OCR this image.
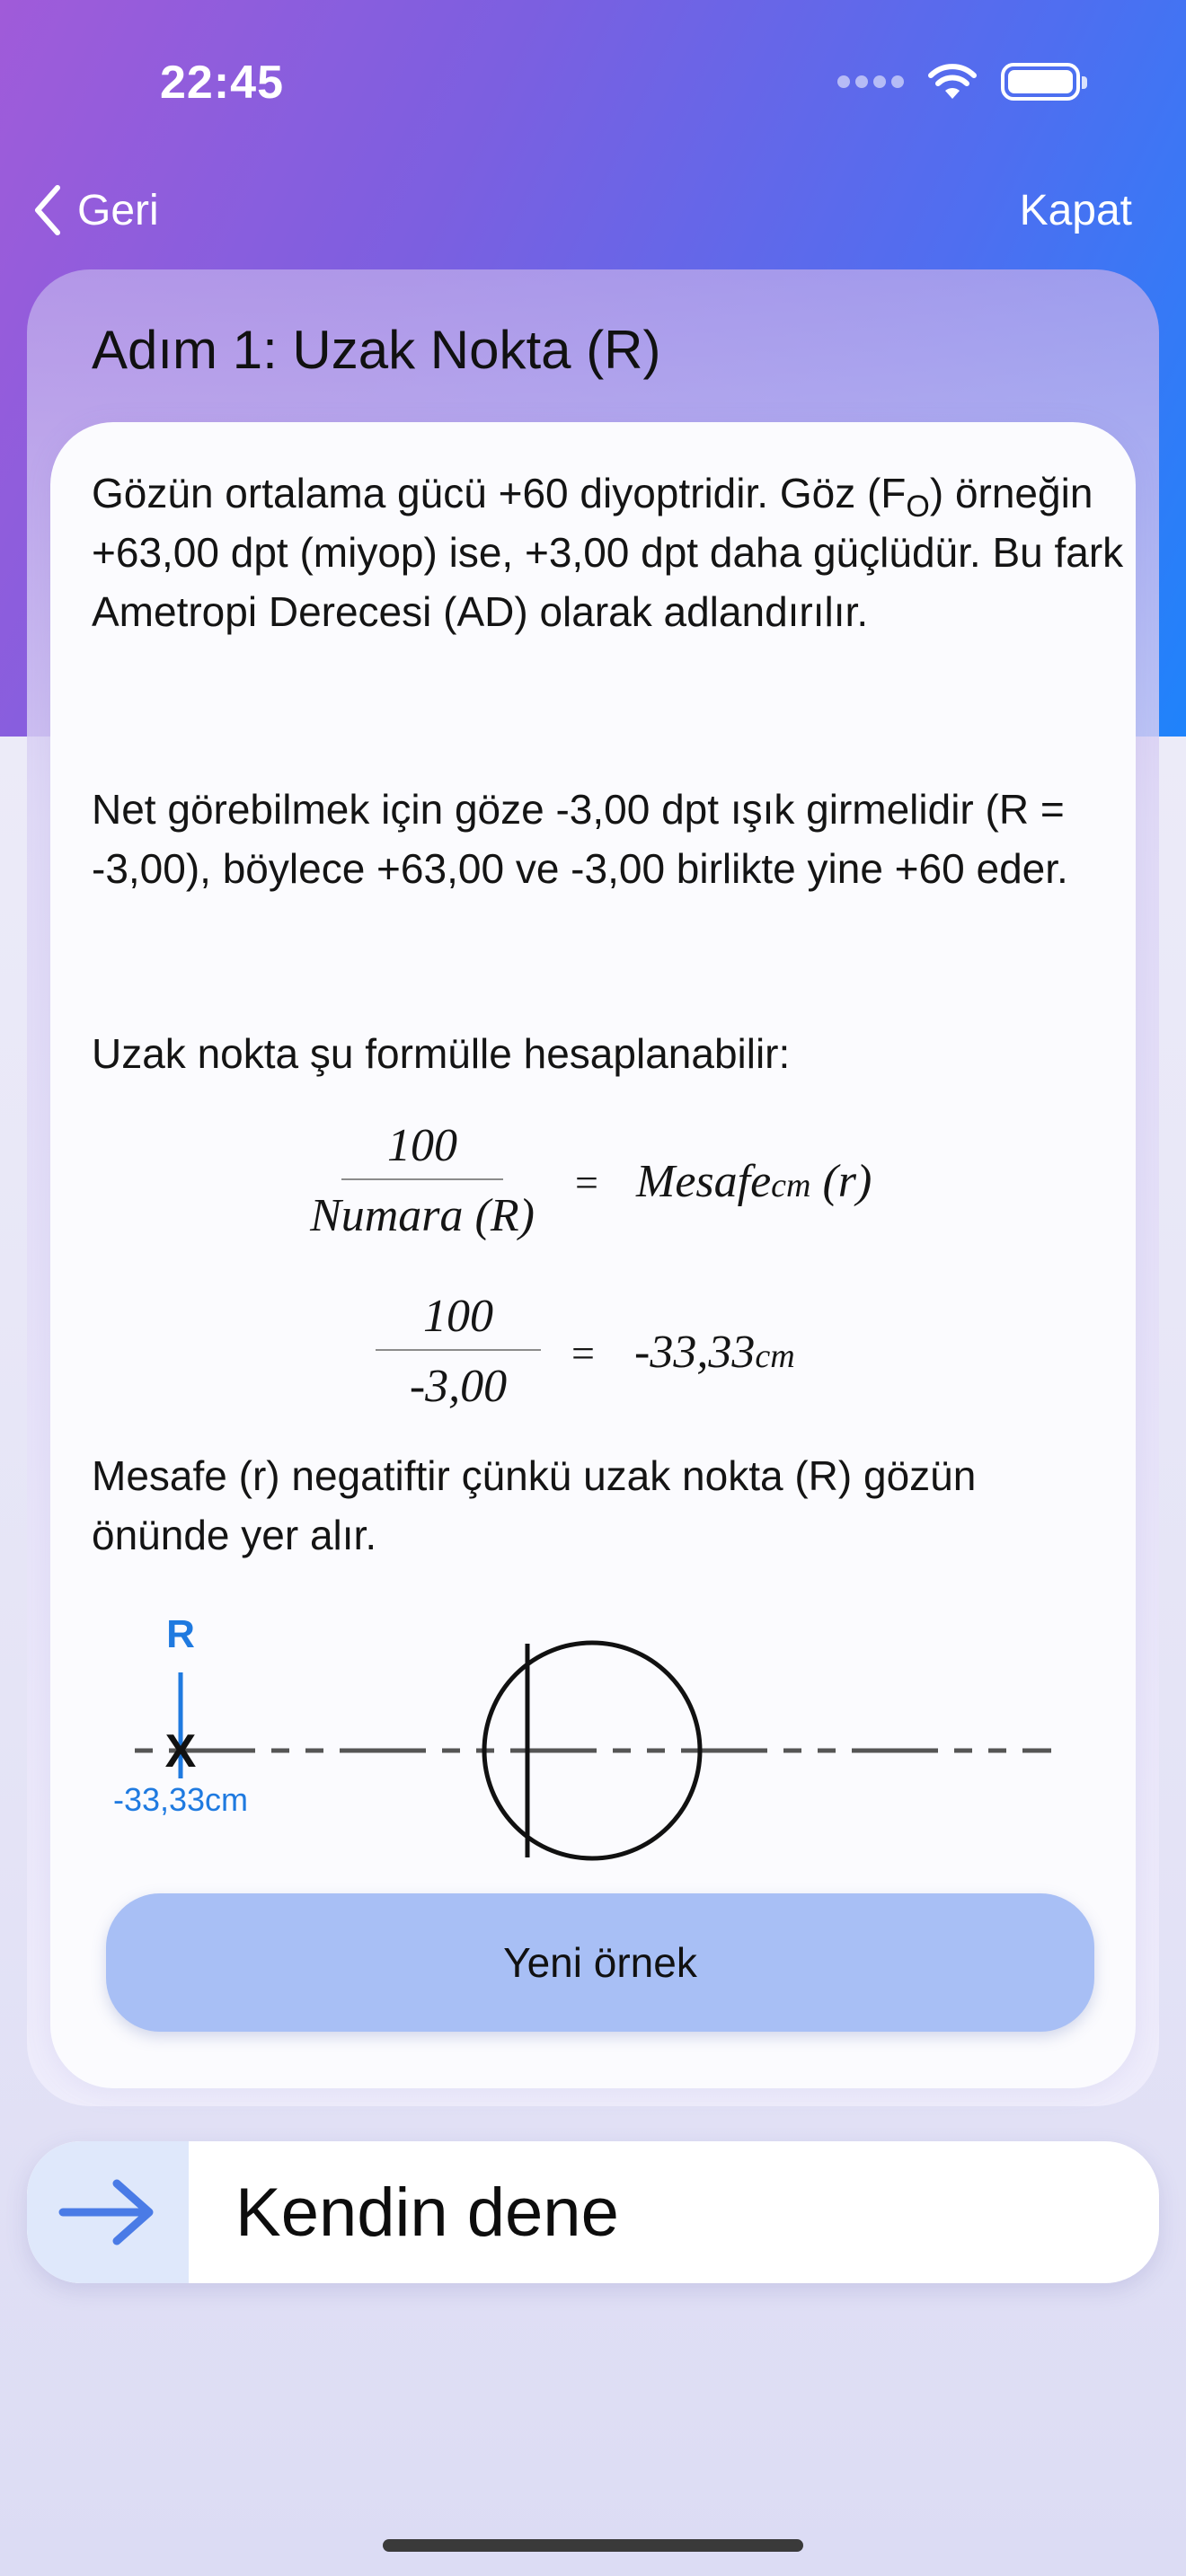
22:45
Geri	Kapat
Adım 1: Uzak Nokta (R)

Gözün ortalama gücü +60 diyoptridir. Göz $(F_O)$ örneğin +63,00 dpt (miyop) ise, +3,00 dpt daha güçlüdür. Bu fark Ametropi Derecesi (AD) olarak adlandırılır.

Net görebilmek için göze -3,00 dpt ışık girmelidir (R = -3,00), böylece +63,00 ve -3,00 birlikte yine +60 eder.

Uzak nokta şu formülle hesaplanabilir:

100
Numara (R)
= Mesafecm (r)
100
-3,00
= -33,33cm

Mesafe (r) negatiftir çünkü uzak nokta (R) gözün önünde yer alır.

R
X
-33,33cm
Yeni örnek
Kendin dene
